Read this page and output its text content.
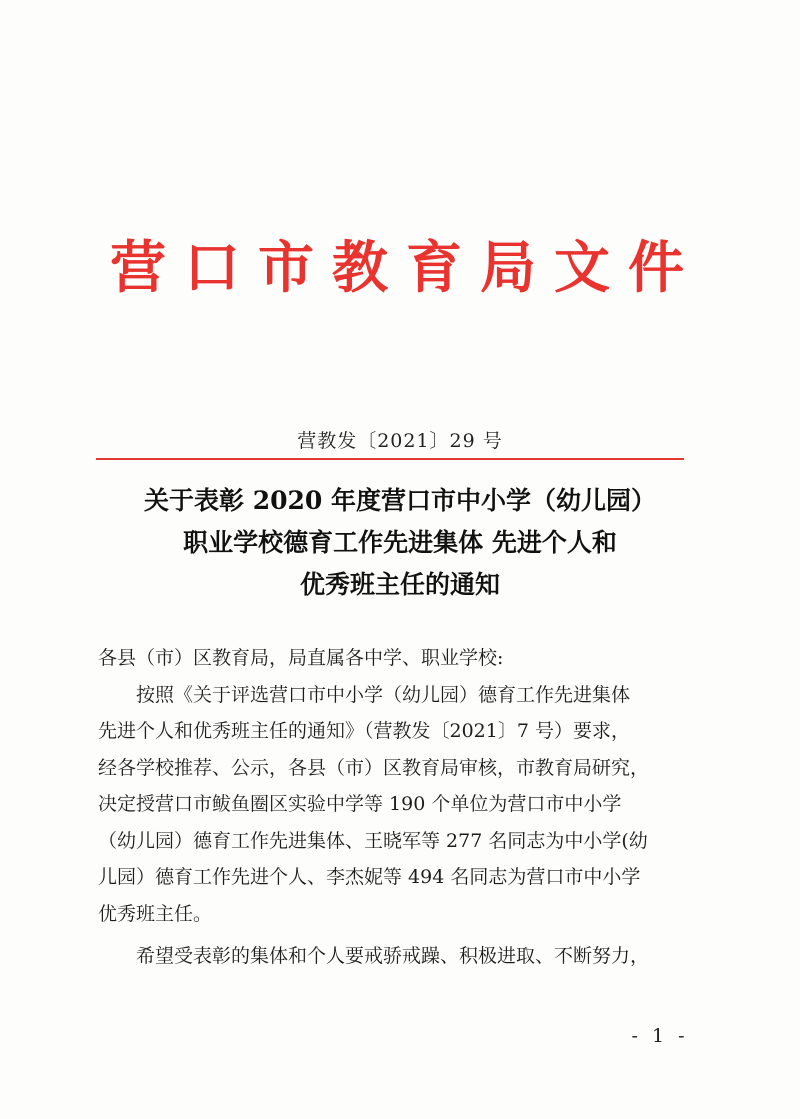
营口市教育局文件
营教发〔2021〕29 号
关于表彰 2020 年度营口市中小学（幼儿园）
职业学校德育工作先进集体 先进个人和
优秀班主任的通知

各县（市）区教育局，局直属各中学、职业学校:

按照《关于评选营口市中小学（幼儿园）德育工作先进集体
先进个人和优秀班主任的通知》（营教发〔2021〕7 号）要求，
经各学校推荐、公示，各县（市）区教育局审核，市教育局研究，
决定授营口市鲅鱼圈区实验中学等 190 个单位为营口市中小学
（幼儿园）德育工作先进集体、王晓军等 277 名同志为中小学(幼
儿园）德育工作先进个人、李杰妮等 494 名同志为营口市中小学
优秀班主任。

希望受表彰的集体和个人要戒骄戒躁、积极进取、不断努力，

- 1 -
